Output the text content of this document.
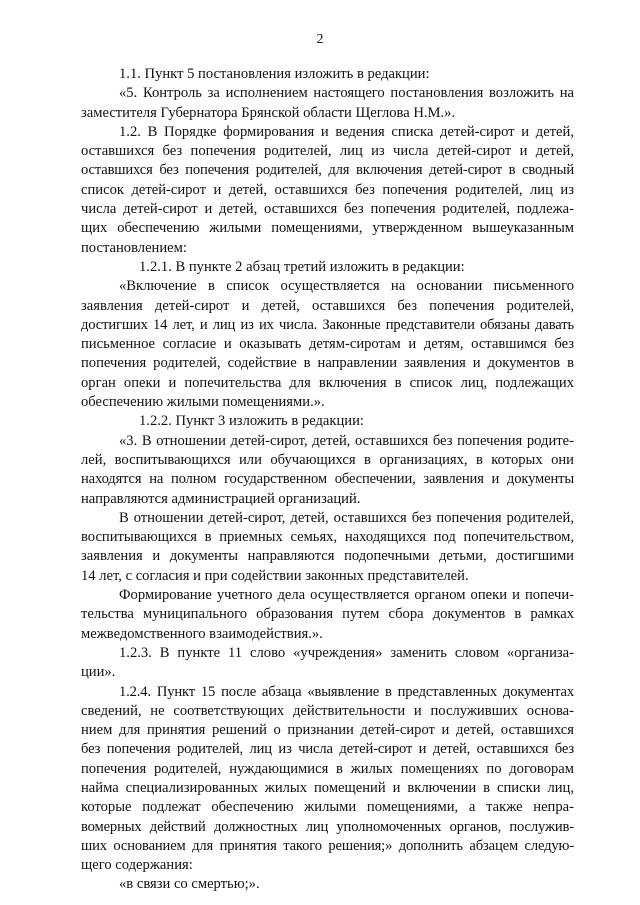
2
1.1. Пункт 5 постановления изложить в редакции:
«5. Контроль за исполнением настоящего постановления возложить на
заместителя Губернатора Брянской области Щеглова Н.М.».
1.2. В Порядке формирования и ведения списка детей-сирот и детей,
оставшихся без попечения родителей, лиц из числа детей-сирот и детей,
оставшихся без попечения родителей, для включения детей-сирот в сводный
список детей-сирот и детей, оставшихся без попечения родителей, лиц из
числа детей-сирот и детей, оставшихся без попечения родителей, подлежа-
щих обеспечению жилыми помещениями, утвержденном вышеуказанным
постановлением:
1.2.1. В пункте 2 абзац третий изложить в редакции:
«Включение в список осуществляется на основании письменного
заявления детей-сирот и детей, оставшихся без попечения родителей,
достигших 14 лет, и лиц из их числа. Законные представители обязаны давать
письменное согласие и оказывать детям-сиротам и детям, оставшимся без
попечения родителей, содействие в направлении заявления и документов в
орган опеки и попечительства для включения в список лиц, подлежащих
обеспечению жилыми помещениями.».
1.2.2. Пункт 3 изложить в редакции:
«3. В отношении детей-сирот, детей, оставшихся без попечения родите-
лей, воспитывающихся или обучающихся в организациях, в которых они
находятся на полном государственном обеспечении, заявления и документы
направляются администрацией организаций.
В отношении детей-сирот, детей, оставшихся без попечения родителей,
воспитывающихся в приемных семьях, находящихся под попечительством,
заявления и документы направляются подопечными детьми, достигшими
14 лет, с согласия и при содействии законных представителей.
Формирование учетного дела осуществляется органом опеки и попечи-
тельства муниципального образования путем сбора документов в рамках
межведомственного взаимодействия.».
1.2.3. В пункте 11 слово «учреждения» заменить словом «организа-
ции».
1.2.4. Пункт 15 после абзаца «выявление в представленных документах
сведений, не соответствующих действительности и послуживших основа-
нием для принятия решений о признании детей-сирот и детей, оставшихся
без попечения родителей, лиц из числа детей-сирот и детей, оставшихся без
попечения родителей, нуждающимися в жилых помещениях по договорам
найма специализированных жилых помещений и включении в списки лиц,
которые подлежат обеспечению жилыми помещениями, а также непра-
вомерных действий должностных лиц уполномоченных органов, послужив-
ших основанием для принятия такого решения;» дополнить абзацем следую-
щего содержания:
«в связи со смертью;».
